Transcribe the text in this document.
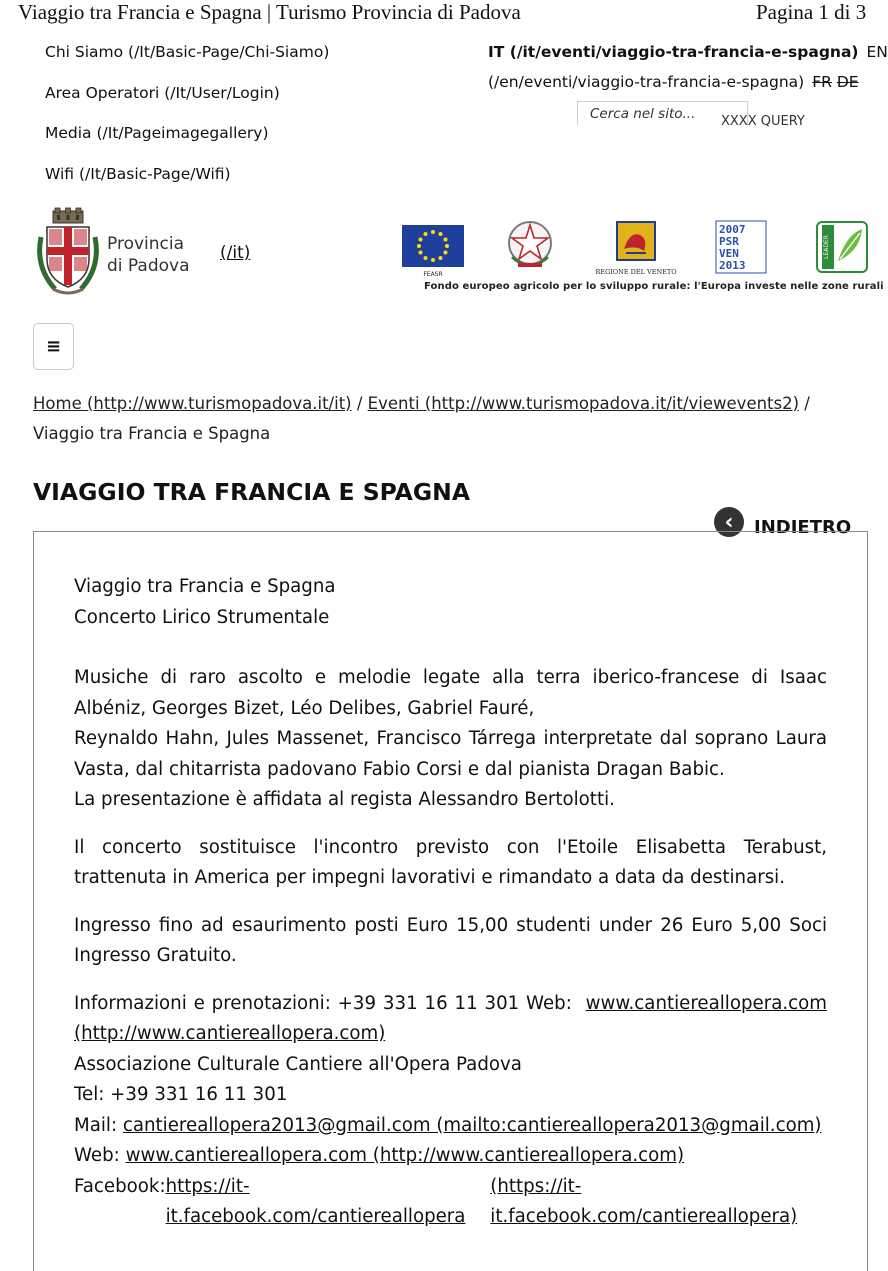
Viaggio tra Francia e Spagna | Turismo Provincia di Padova	Pagina 1 di 3
Chi Siamo (/It/Basic-Page/Chi-Siamo)
Area Operatori (/It/User/Login)
Media (/It/Pageimagegallery)
Wifi (/It/Basic-Page/Wifi)
IT (/it/eventi/viaggio-tra-francia-e-spagna) EN
(/en/eventi/viaggio-tra-francia-e-spagna) FR DE
Cerca nel sito...	XXXX QUERY
Provincia
di Padova
(/it)
FEASR	REGIONE DEL VENETO
2007
PSR
VEN
2013
LEADER
Fondo europeo agricolo per lo sviluppo rurale: l'Europa investe nelle zone rurali
≡
Home (http://www.turismopadova.it/it) / Eventi (http://www.turismopadova.it/it/viewevents2) / Viaggio tra Francia e Spagna
VIAGGIO TRA FRANCIA E SPAGNA
‹	INDIETRO
Viaggio tra Francia e Spagna
Concerto Lirico Strumentale

Musiche di raro ascolto e melodie legate alla terra iberico-francese di Isaac Albéniz, Georges Bizet, Léo Delibes, Gabriel Fauré,
Reynaldo Hahn, Jules Massenet, Francisco Tárrega interpretate dal soprano Laura Vasta, dal chitarrista padovano Fabio Corsi e dal pianista Dragan Babic.
La presentazione è affidata al regista Alessandro Bertolotti.

Il concerto sostituisce l'incontro previsto con l'Etoile Elisabetta Terabust, trattenuta in America per impegni lavorativi e rimandato a data da destinarsi.

Ingresso fino ad esaurimento posti Euro 15,00 studenti under 26 Euro 5,00 Soci Ingresso Gratuito.

Informazioni e prenotazioni: +39 331 16 11 301 Web: www.cantiereallopera.com (http://www.cantiereallopera.com)
Associazione Culturale Cantiere all'Opera Padova
Tel: +39 331 16 11 301
Mail: cantiereallopera2013@gmail.com (mailto:cantiereallopera2013@gmail.com)
Web: www.cantiereallopera.com (http://www.cantiereallopera.com)
Facebook: https://it-it.facebook.com/cantiereallopera
(https://it-it.facebook.com/cantiereallopera)
